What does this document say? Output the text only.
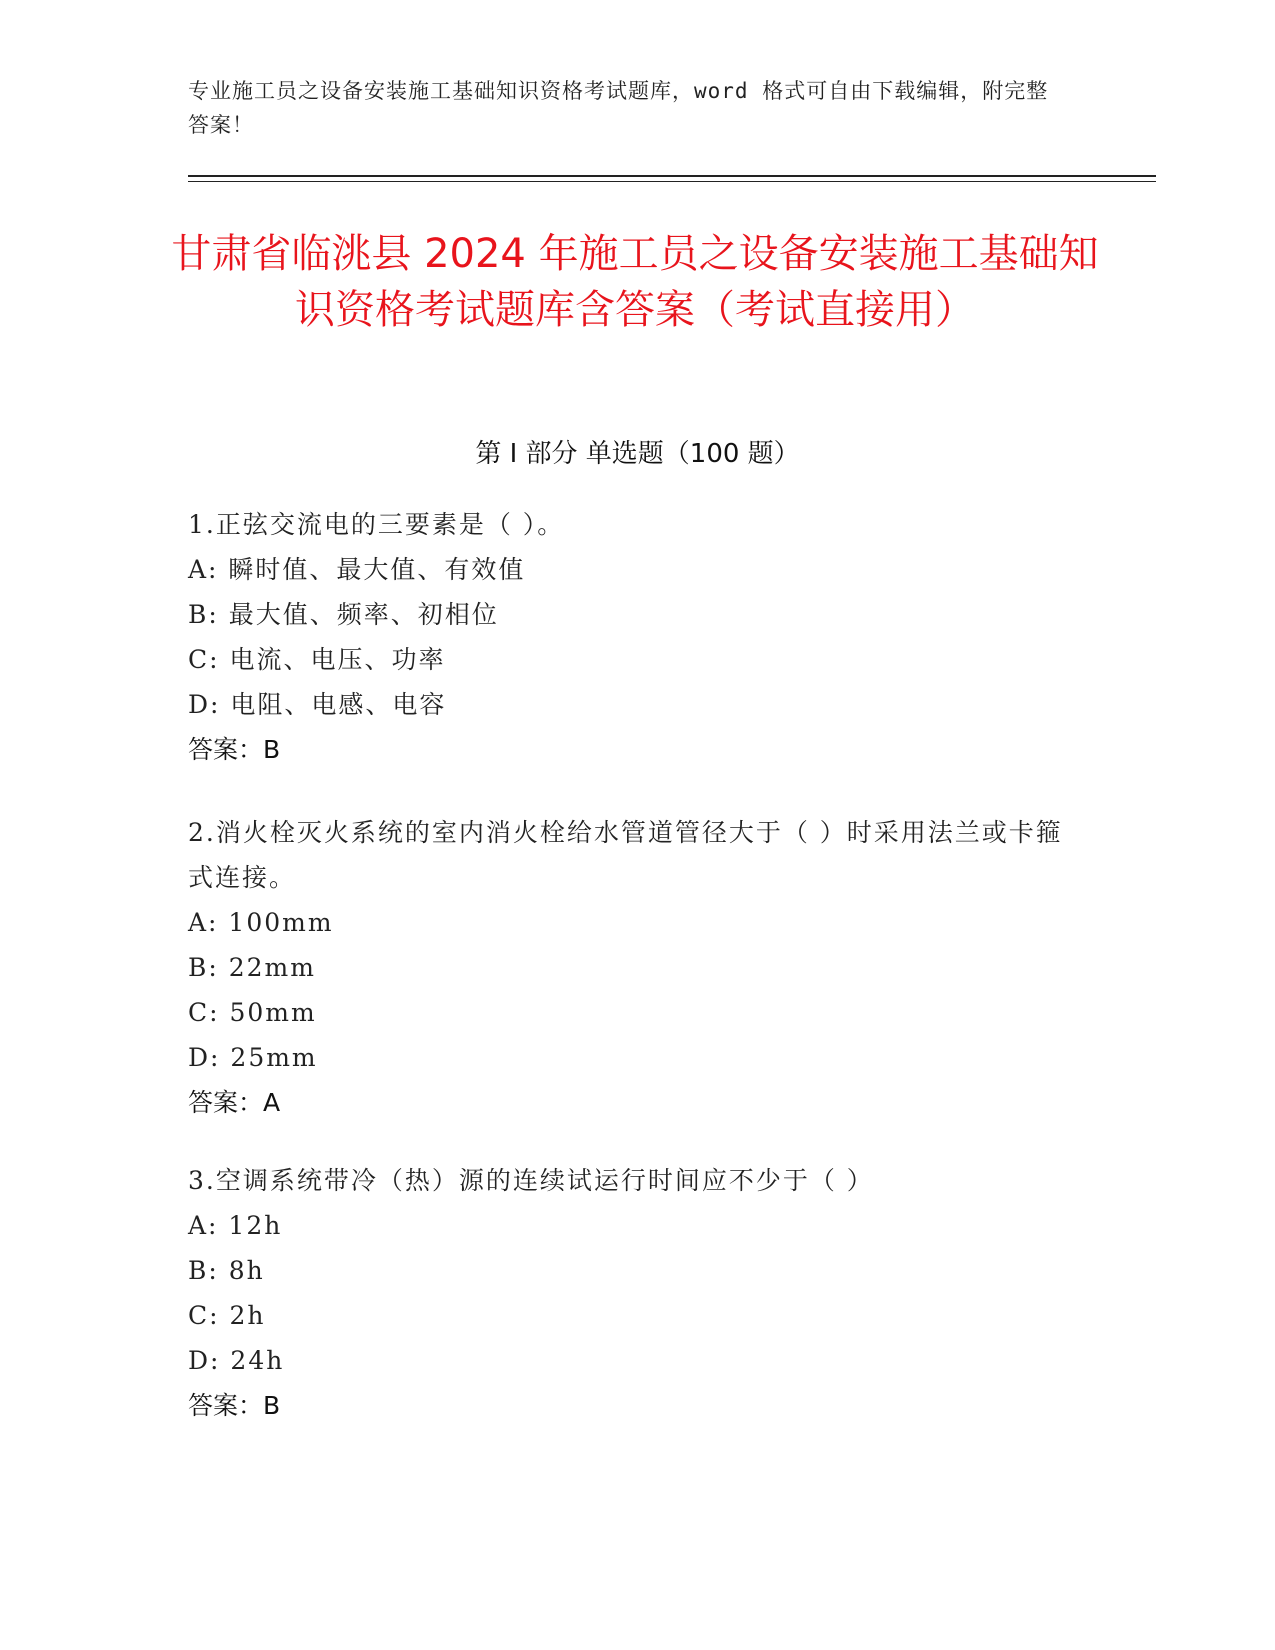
专业施工员之设备安装施工基础知识资格考试题库，word 格式可自由下载编辑，附完整答案！
甘肃省临洮县 2024 年施工员之设备安装施工基础知识资格考试题库含答案（考试直接用）
第 I 部分 单选题（100 题）
1.正弦交流电的三要素是（ ）。
A: 瞬时值、最大值、有效值
B: 最大值、频率、初相位
C: 电流、电压、功率
D: 电阻、电感、电容
答案：B
2.消火栓灭火系统的室内消火栓给水管道管径大于（ ）时采用法兰或卡箍式连接。
A: 100mm
B: 22mm
C: 50mm
D: 25mm
答案：A
3.空调系统带冷（热）源的连续试运行时间应不少于（ ）
A: 12h
B: 8h
C: 2h
D: 24h
答案：B
